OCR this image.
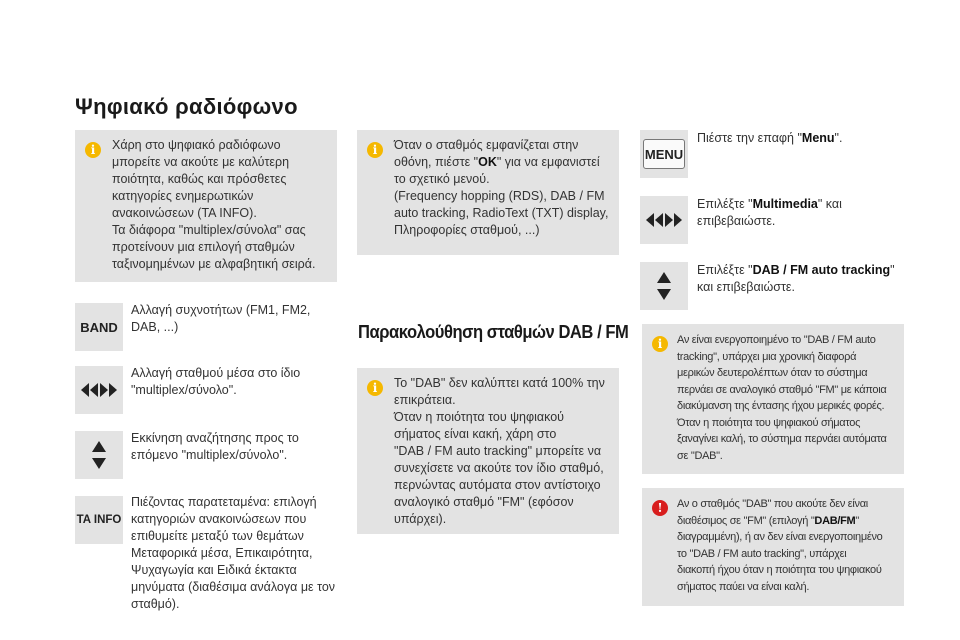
Ψηφιακό ραδιόφωνο
i	Χάρη στο ψηφιακό ραδιόφωνο
μπορείτε να ακούτε με καλύτερη
ποιότητα, καθώς και πρόσθετες
κατηγορίες ενημερωτικών
ανακοινώσεων (TA INFO).
Τα διάφορα "multiplex/σύνολα" σας
προτείνουν μια επιλογή σταθμών
ταξινομημένων με αλφαβητική σειρά.
i	Όταν ο σταθμός εμφανίζεται στην
οθόνη, πιέστε "OK" για να εμφανιστεί
το σχετικό μενού.
(Frequency hopping (RDS), DAB / FM
auto tracking, RadioText (TXT) display,
Πληροφορίες σταθμού, ...)
BAND
Αλλαγή συχνοτήτων (FM1, FM2,
DAB, ...)
Αλλαγή σταθμού μέσα στο ίδιο
"multiplex/σύνολο".
Εκκίνηση αναζήτησης προς το
επόμενο "multiplex/σύνολο".
TA INFO
Πιέζοντας παρατεταμένα: επιλογή
κατηγοριών ανακοινώσεων που
επιθυμείτε μεταξύ των θεμάτων
Μεταφορικά μέσα, Επικαιρότητα,
Ψυχαγωγία και Ειδικά έκτακτα
μηνύματα (διαθέσιμα ανάλογα με τον
σταθμό).
Παρακολούθηση σταθμών DAB / FM
i	Το "DAB" δεν καλύπτει κατά 100% την
επικράτεια.
Όταν η ποιότητα του ψηφιακού
σήματος είναι κακή, χάρη στο
"DAB / FM auto tracking" μπορείτε να
συνεχίσετε να ακούτε τον ίδιο σταθμό,
περνώντας αυτόματα στον αντίστοιχο
αναλογικό σταθμό "FM" (εφόσον
υπάρχει).
MENU
Πιέστε την επαφή "Menu".
Επιλέξτε "Multimedia" και
επιβεβαιώστε.
Επιλέξτε "DAB / FM auto tracking"
και επιβεβαιώστε.
i	Αν είναι ενεργοποιημένο το "DAB / FM auto
tracking", υπάρχει μια χρονική διαφορά
μερικών δευτερολέπτων όταν το σύστημα
περνάει σε αναλογικό σταθμό "FM" με κάποια
διακύμανση της έντασης ήχου μερικές φορές.
Όταν η ποιότητα του ψηφιακού σήματος
ξαναγίνει καλή, το σύστημα περνάει αυτόματα
σε "DAB".
!	Αν ο σταθμός "DAB" που ακούτε δεν είναι
διαθέσιμος σε "FM" (επιλογή "DAB/FM"
διαγραμμένη), ή αν δεν είναι ενεργοποιημένο
το "DAB / FM auto tracking", υπάρχει
διακοπή ήχου όταν η ποιότητα του ψηφιακού
σήματος παύει να είναι καλή.
